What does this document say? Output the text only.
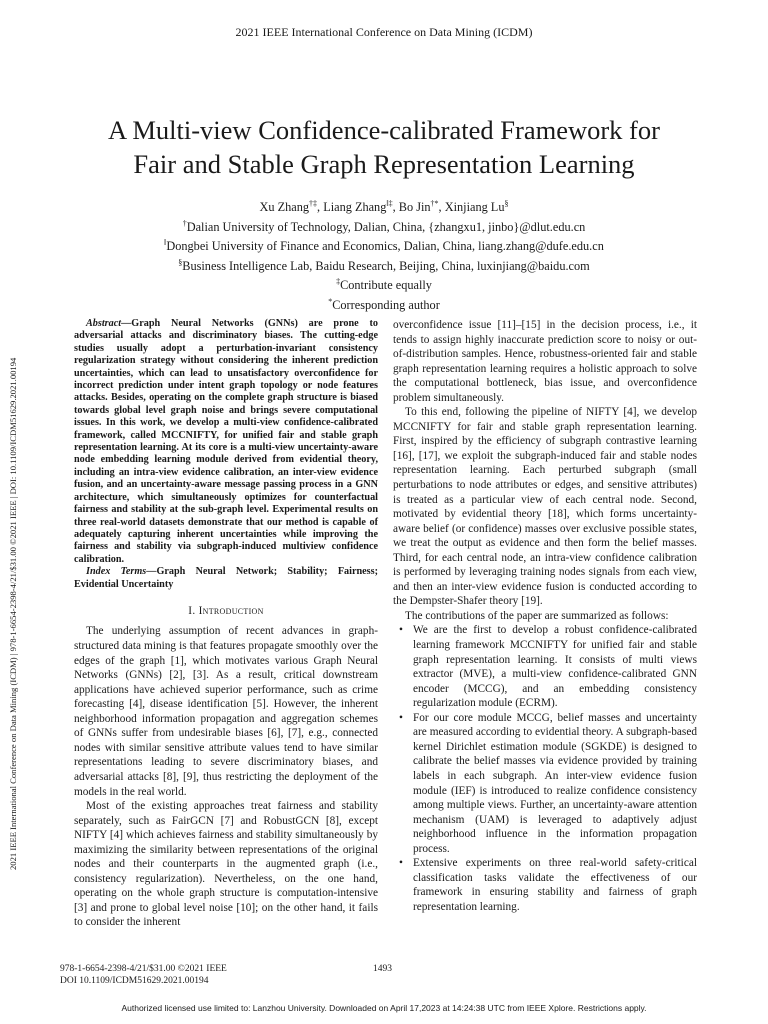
2021 IEEE International Conference on Data Mining (ICDM)
2021 IEEE International Conference on Data Mining (ICDM) | 978-1-6654-2398-4/21/$31.00 ©2021 IEEE | DOI: 10.1109/ICDM51629.2021.00194
A Multi-view Confidence-calibrated Framework for
Fair and Stable Graph Representation Learning
Xu Zhang†‡, Liang Zhang‖‡, Bo Jin†*, Xinjiang Lu§
†Dalian University of Technology, Dalian, China, {zhangxu1, jinbo}@dlut.edu.cn
‖Dongbei University of Finance and Economics, Dalian, China, liang.zhang@dufe.edu.cn
§Business Intelligence Lab, Baidu Research, Beijing, China, luxinjiang@baidu.com
‡Contribute equally
*Corresponding author

Abstract—Graph Neural Networks (GNNs) are prone to adversarial attacks and discriminatory biases. The cutting-edge studies usually adopt a perturbation-invariant consistency regularization strategy without considering the inherent prediction uncertainties, which can lead to unsatisfactory overconfidence for incorrect prediction under intent graph topology or node features attacks. Besides, operating on the complete graph structure is biased towards global level graph noise and brings severe computational issues. In this work, we develop a multi-view confidence-calibrated framework, called MCCNIFTY, for unified fair and stable graph representation learning. At its core is a multi-view uncertainty-aware node embedding learning module derived from evidential theory, including an intra-view evidence calibration, an inter-view evidence fusion, and an uncertainty-aware message passing process in a GNN architecture, which simultaneously optimizes for counterfactual fairness and stability at the sub-graph level. Experimental results on three real-world datasets demonstrate that our method is capable of adequately capturing inherent uncertainties while improving the fairness and stability via subgraph-induced multiview confidence calibration.

Index Terms—Graph Neural Network; Stability; Fairness; Evidential Uncertainty

I. Introduction

The underlying assumption of recent advances in graph-structured data mining is that features propagate smoothly over the edges of the graph [1], which motivates various Graph Neural Networks (GNNs) [2], [3]. As a result, critical downstream applications have achieved superior performance, such as crime forecasting [4], disease identification [5]. However, the inherent neighborhood information propagation and aggregation schemes of GNNs suffer from undesirable biases [6], [7], e.g., connected nodes with similar sensitive attribute values tend to have similar representations leading to severe discriminatory biases, and adversarial attacks [8], [9], thus restricting the deployment of the models in the real world.

Most of the existing approaches treat fairness and stability separately, such as FairGCN [7] and RobustGCN [8], except NIFTY [4] which achieves fairness and stability simultaneously by maximizing the similarity between representations of the original nodes and their counterparts in the augmented graph (i.e., consistency regularization). Nevertheless, on the one hand, operating on the whole graph structure is computation-intensive [3] and prone to global level noise [10]; on the other hand, it fails to consider the inherent

overconfidence issue [11]–[15] in the decision process, i.e., it tends to assign highly inaccurate prediction score to noisy or out-of-distribution samples. Hence, robustness-oriented fair and stable graph representation learning requires a holistic approach to solve the computational bottleneck, bias issue, and overconfidence problem simultaneously.

To this end, following the pipeline of NIFTY [4], we develop MCCNIFTY for fair and stable graph representation learning. First, inspired by the efficiency of subgraph contrastive learning [16], [17], we exploit the subgraph-induced fair and stable nodes representation learning. Each perturbed subgraph (small perturbations to node attributes or edges, and sensitive attributes) is treated as a particular view of each central node. Second, motivated by evidential theory [18], which forms uncertainty-aware belief (or confidence) masses over exclusive possible states, we treat the output as evidence and then form the belief masses. Third, for each central node, an intra-view confidence calibration is performed by leveraging training nodes signals from each view, and then an inter-view evidence fusion is conducted according to the Dempster-Shafer theory [19].

The contributions of the paper are summarized as follows:

• We are the first to develop a robust confidence-calibrated learning framework MCCNIFTY for unified fair and stable graph representation learning. It consists of multi views extractor (MVE), a multi-view confidence-calibrated GNN encoder (MCCG), and an embedding consistency regularization module (ECRM).
• For our core module MCCG, belief masses and uncertainty are measured according to evidential theory. A subgraph-based kernel Dirichlet estimation module (SGKDE) is designed to calibrate the belief masses via evidence provided by training labels in each subgraph. An inter-view evidence fusion module (IEF) is introduced to realize confidence consistency among multiple views. Further, an uncertainty-aware attention mechanism (UAM) is leveraged to adaptively adjust neighborhood influence in the information propagation process.
• Extensive experiments on three real-world safety-critical classification tasks validate the effectiveness of our framework in ensuring stability and fairness of graph representation learning.
978-1-6654-2398-4/21/$31.00 ©2021 IEEE
DOI 10.1109/ICDM51629.2021.00194
1493
Authorized licensed use limited to: Lanzhou University. Downloaded on April 17,2023 at 14:24:38 UTC from IEEE Xplore. Restrictions apply.
